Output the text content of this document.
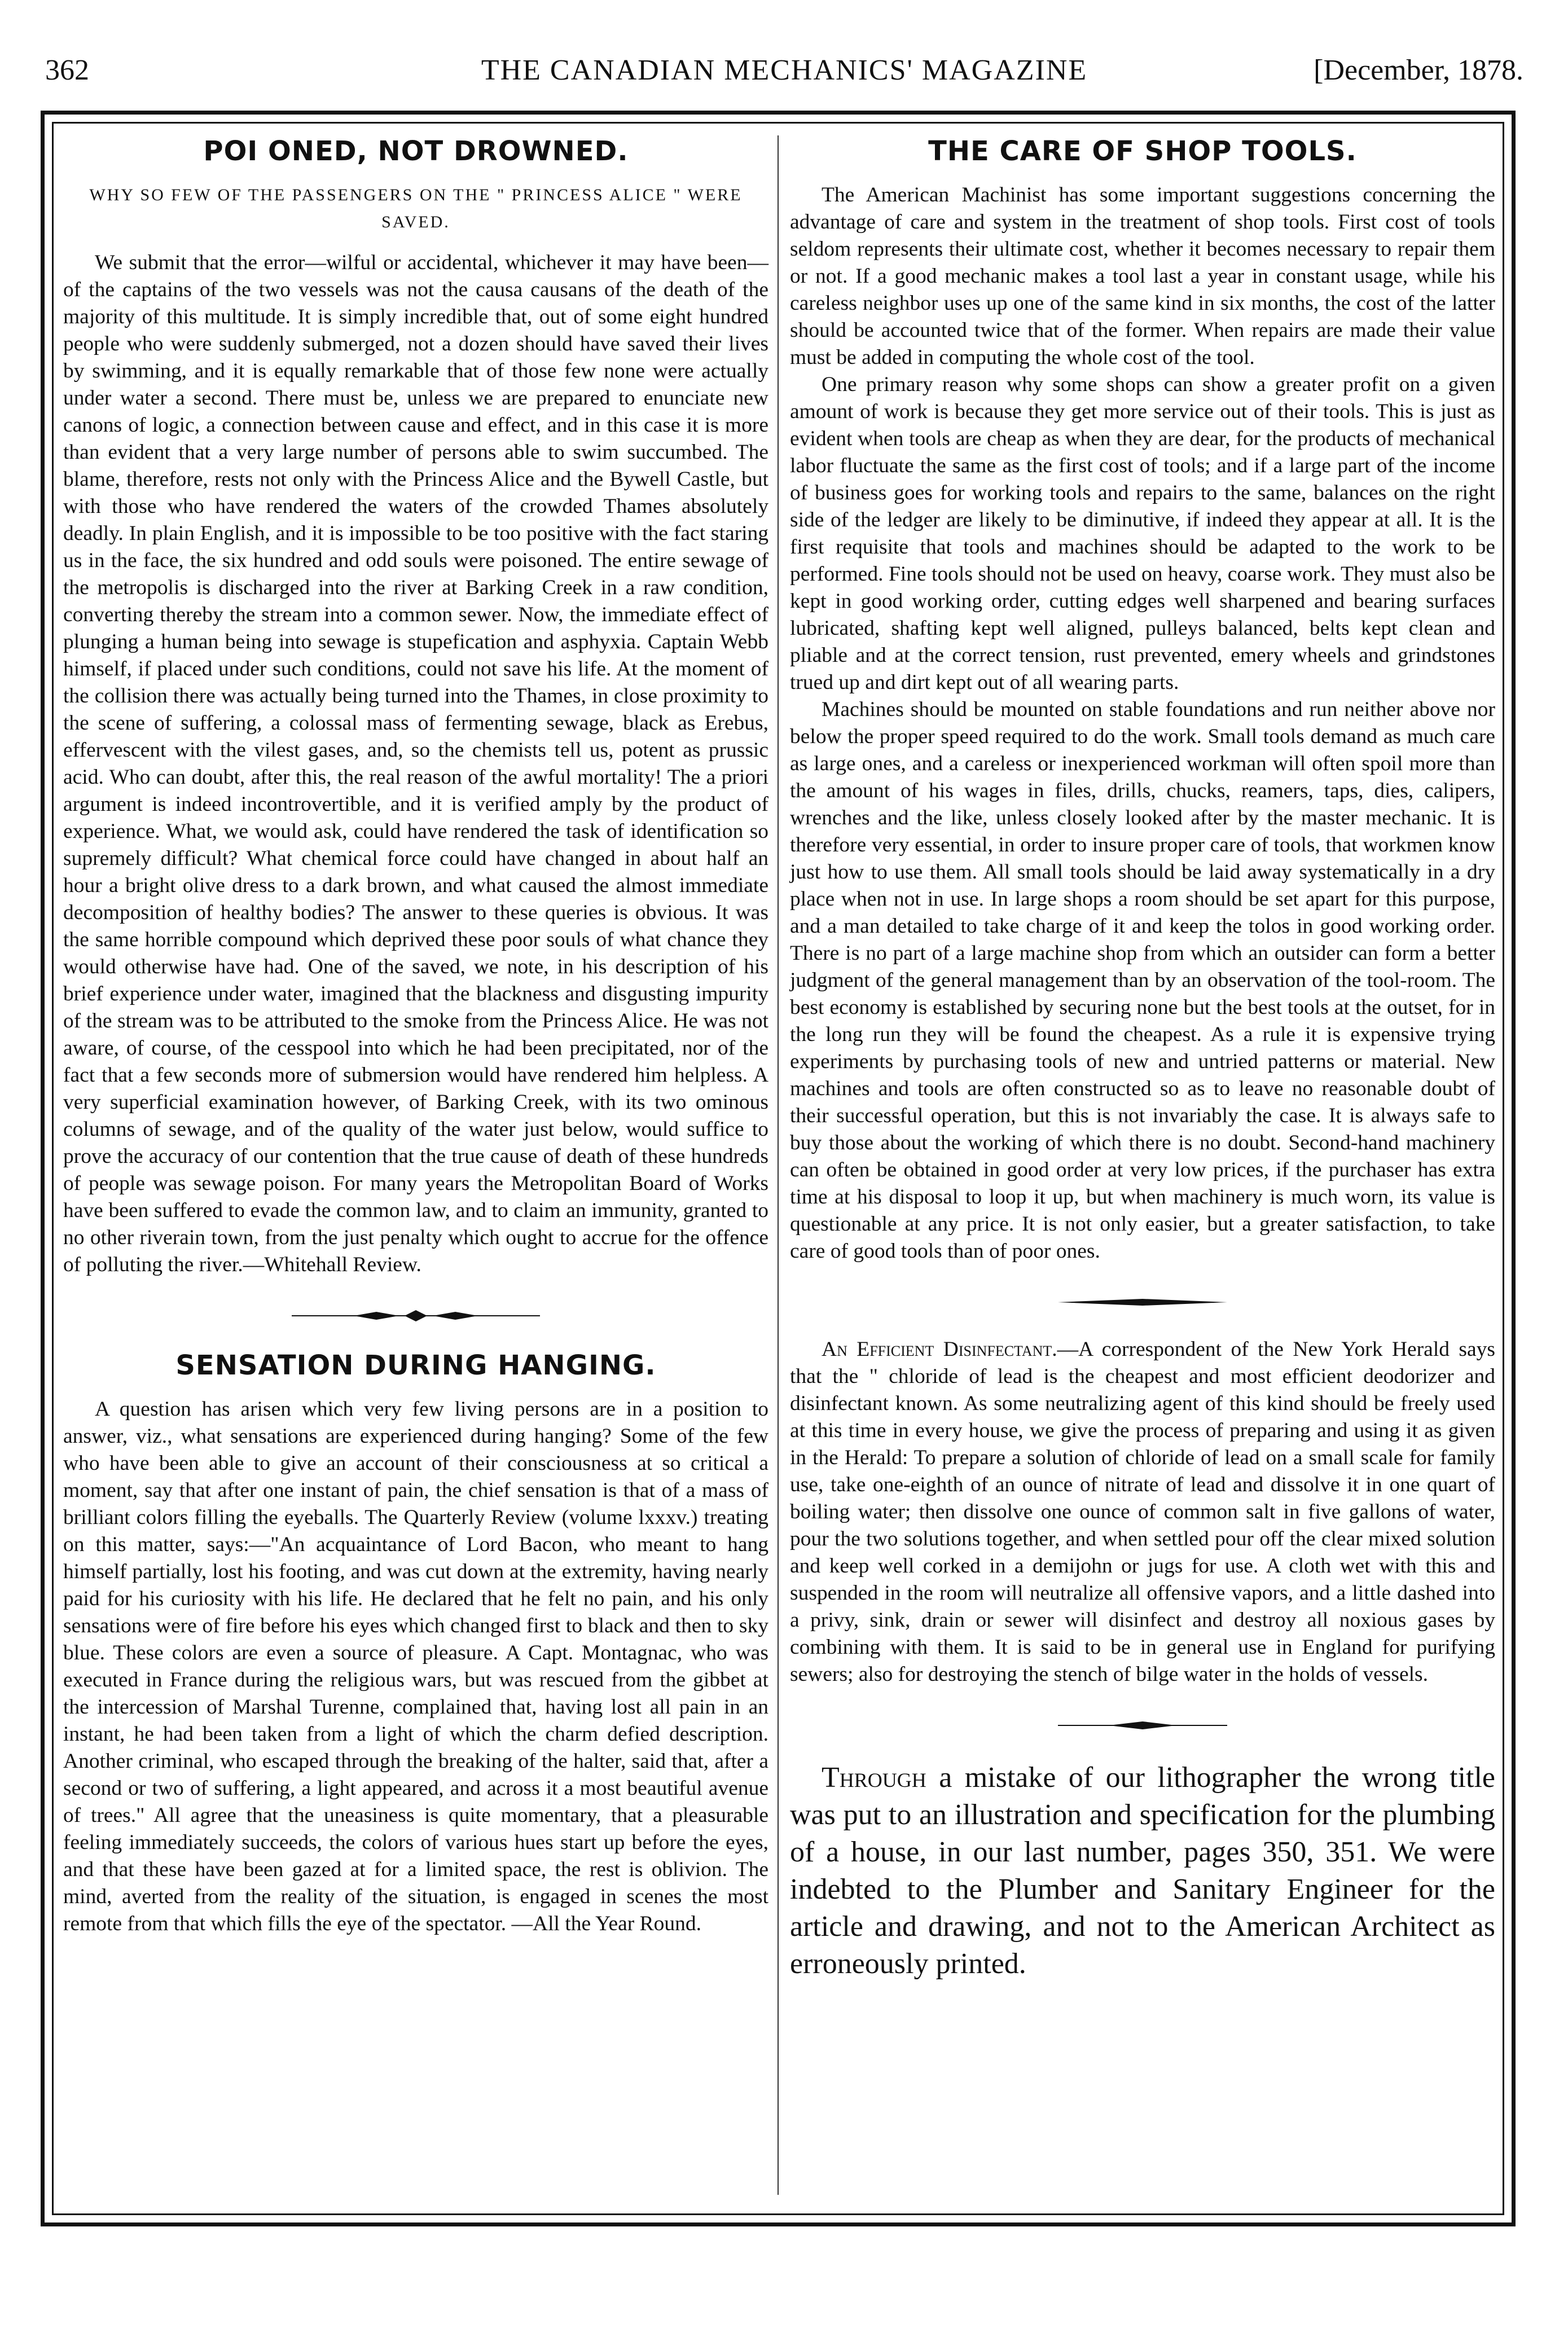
362	THE CANADIAN MECHANICS' MAGAZINE	[December, 1878.
POI ONED, NOT DROWNED.
WHY SO FEW OF THE PASSENGERS ON THE " PRINCESS ALICE " WERE SAVED.

We submit that the error—wilful or accidental, whichever it may have been—of the captains of the two vessels was not the causa causans of the death of the majority of this multitude. It is simply incredible that, out of some eight hundred people who were suddenly submerged, not a dozen should have saved their lives by swimming, and it is equally remarkable that of those few none were actually under water a second. There must be, unless we are prepared to enunciate new canons of logic, a connection between cause and effect, and in this case it is more than evident that a very large number of persons able to swim succumbed. The blame, therefore, rests not only with the Princess Alice and the Bywell Castle, but with those who have rendered the waters of the crowded Thames absolutely deadly. In plain English, and it is impossible to be too positive with the fact staring us in the face, the six hundred and odd souls were poisoned. The entire sewage of the metropolis is discharged into the river at Barking Creek in a raw condition, converting thereby the stream into a common sewer. Now, the immediate effect of plunging a human being into sewage is stupefication and asphyxia. Captain Webb himself, if placed under such conditions, could not save his life. At the moment of the collision there was actually being turned into the Thames, in close proximity to the scene of suffering, a colossal mass of fermenting sewage, black as Erebus, effervescent with the vilest gases, and, so the chemists tell us, potent as prussic acid. Who can doubt, after this, the real reason of the awful mortality! The a priori argument is indeed incontrovertible, and it is verified amply by the product of experience. What, we would ask, could have rendered the task of identification so supremely difficult? What chemical force could have changed in about half an hour a bright olive dress to a dark brown, and what caused the almost immediate decomposition of healthy bodies? The answer to these queries is obvious. It was the same horrible compound which deprived these poor souls of what chance they would otherwise have had. One of the saved, we note, in his description of his brief experience under water, imagined that the blackness and disgusting impurity of the stream was to be attributed to the smoke from the Princess Alice. He was not aware, of course, of the cesspool into which he had been precipitated, nor of the fact that a few seconds more of submersion would have rendered him helpless. A very superficial examination however, of Barking Creek, with its two ominous columns of sewage, and of the quality of the water just below, would suffice to prove the accuracy of our contention that the true cause of death of these hundreds of people was sewage poison. For many years the Metropolitan Board of Works have been suffered to evade the common law, and to claim an immunity, granted to no other riverain town, from the just penalty which ought to accrue for the offence of polluting the river.—Whitehall Review.

SENSATION DURING HANGING.

A question has arisen which very few living persons are in a position to answer, viz., what sensations are experienced during hanging? Some of the few who have been able to give an account of their consciousness at so critical a moment, say that after one instant of pain, the chief sensation is that of a mass of brilliant colors filling the eyeballs. The Quarterly Review (volume lxxxv.) treating on this matter, says:—"An acquaintance of Lord Bacon, who meant to hang himself partially, lost his footing, and was cut down at the extremity, having nearly paid for his curiosity with his life. He declared that he felt no pain, and his only sensations were of fire before his eyes which changed first to black and then to sky blue. These colors are even a source of pleasure. A Capt. Montagnac, who was executed in France during the religious wars, but was rescued from the gibbet at the intercession of Marshal Turenne, complained that, having lost all pain in an instant, he had been taken from a light of which the charm defied description. Another criminal, who escaped through the breaking of the halter, said that, after a second or two of suffering, a light appeared, and across it a most beautiful avenue of trees." All agree that the uneasiness is quite momentary, that a pleasurable feeling immediately succeeds, the colors of various hues start up before the eyes, and that these have been gazed at for a limited space, the rest is oblivion. The mind, averted from the reality of the situation, is engaged in scenes the most remote from that which fills the eye of the spectator. —All the Year Round.

THE CARE OF SHOP TOOLS.

The American Machinist has some important suggestions concerning the advantage of care and system in the treatment of shop tools. First cost of tools seldom represents their ultimate cost, whether it becomes necessary to repair them or not. If a good mechanic makes a tool last a year in constant usage, while his careless neighbor uses up one of the same kind in six months, the cost of the latter should be accounted twice that of the former. When repairs are made their value must be added in computing the whole cost of the tool.

One primary reason why some shops can show a greater profit on a given amount of work is because they get more service out of their tools. This is just as evident when tools are cheap as when they are dear, for the products of mechanical labor fluctuate the same as the first cost of tools; and if a large part of the income of business goes for working tools and repairs to the same, balances on the right side of the ledger are likely to be diminutive, if indeed they appear at all. It is the first requisite that tools and machines should be adapted to the work to be performed. Fine tools should not be used on heavy, coarse work. They must also be kept in good working order, cutting edges well sharpened and bearing surfaces lubricated, shafting kept well aligned, pulleys balanced, belts kept clean and pliable and at the correct tension, rust prevented, emery wheels and grindstones trued up and dirt kept out of all wearing parts.

Machines should be mounted on stable foundations and run neither above nor below the proper speed required to do the work. Small tools demand as much care as large ones, and a careless or inexperienced workman will often spoil more than the amount of his wages in files, drills, chucks, reamers, taps, dies, calipers, wrenches and the like, unless closely looked after by the master mechanic. It is therefore very essential, in order to insure proper care of tools, that workmen know just how to use them. All small tools should be laid away systematically in a dry place when not in use. In large shops a room should be set apart for this purpose, and a man detailed to take charge of it and keep the tolos in good working order. There is no part of a large machine shop from which an outsider can form a better judgment of the general management than by an observation of the tool-room. The best economy is established by securing none but the best tools at the outset, for in the long run they will be found the cheapest. As a rule it is expensive trying experiments by purchasing tools of new and untried patterns or material. New machines and tools are often constructed so as to leave no reasonable doubt of their successful operation, but this is not invariably the case. It is always safe to buy those about the working of which there is no doubt. Second-hand machinery can often be obtained in good order at very low prices, if the purchaser has extra time at his disposal to loop it up, but when machinery is much worn, its value is questionable at any price. It is not only easier, but a greater satisfaction, to take care of good tools than of poor ones.

An Efficient Disinfectant.—A correspondent of the New York Herald says that the " chloride of lead is the cheapest and most efficient deodorizer and disinfectant known. As some neutralizing agent of this kind should be freely used at this time in every house, we give the process of preparing and using it as given in the Herald: To prepare a solution of chloride of lead on a small scale for family use, take one-eighth of an ounce of nitrate of lead and dissolve it in one quart of boiling water; then dissolve one ounce of common salt in five gallons of water, pour the two solutions together, and when settled pour off the clear mixed solution and keep well corked in a demijohn or jugs for use. A cloth wet with this and suspended in the room will neutralize all offensive vapors, and a little dashed into a privy, sink, drain or sewer will disinfect and destroy all noxious gases by combining with them. It is said to be in general use in England for purifying sewers; also for destroying the stench of bilge water in the holds of vessels.

Through a mistake of our lithographer the wrong title was put to an illustration and specification for the plumbing of a house, in our last number, pages 350, 351. We were indebted to the Plumber and Sanitary Engineer for the article and drawing, and not to the American Architect as erroneously printed.
